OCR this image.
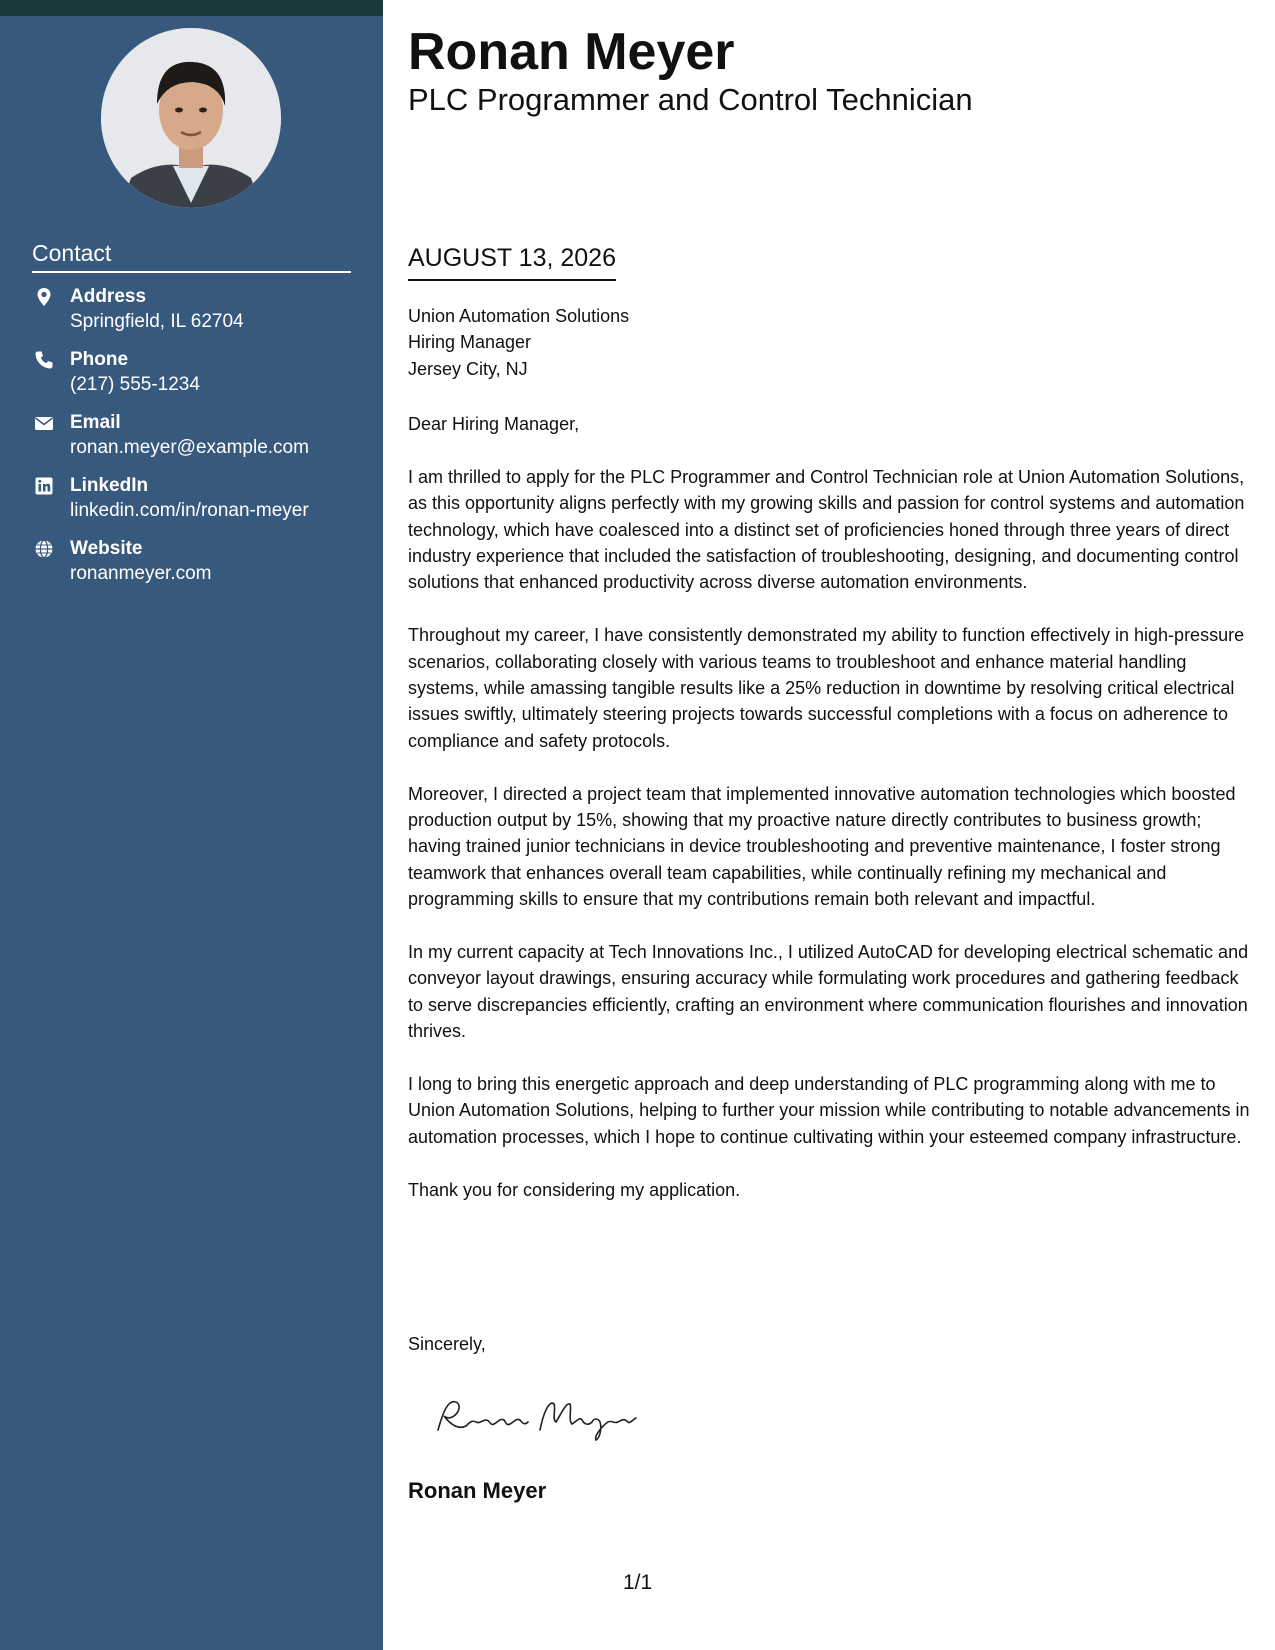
Contact
Address
Springfield, IL 62704
Phone
(217) 555-1234
Email
ronan.meyer@example.com
LinkedIn
linkedin.com/in/ronan-meyer
Website
ronanmeyer.com
Ronan Meyer
PLC Programmer and Control Technician
AUGUST 13, 2026
Union Automation Solutions
Hiring Manager
Jersey City, NJ

Dear Hiring Manager,

I am thrilled to apply for the PLC Programmer and Control Technician role at Union Automation Solutions, as this opportunity aligns perfectly with my growing skills and passion for control systems and automation technology, which have coalesced into a distinct set of proficiencies honed through three years of direct industry experience that included the satisfaction of troubleshooting, designing, and documenting control solutions that enhanced productivity across diverse automation environments.

Throughout my career, I have consistently demonstrated my ability to function effectively in high-pressure scenarios, collaborating closely with various teams to troubleshoot and enhance material handling systems, while amassing tangible results like a 25% reduction in downtime by resolving critical electrical issues swiftly, ultimately steering projects towards successful completions with a focus on adherence to compliance and safety protocols.

Moreover, I directed a project team that implemented innovative automation technologies which boosted production output by 15%, showing that my proactive nature directly contributes to business growth; having trained junior technicians in device troubleshooting and preventive maintenance, I foster strong teamwork that enhances overall team capabilities, while continually refining my mechanical and programming skills to ensure that my contributions remain both relevant and impactful.

In my current capacity at Tech Innovations Inc., I utilized AutoCAD for developing electrical schematic and conveyor layout drawings, ensuring accuracy while formulating work procedures and gathering feedback to serve discrepancies efficiently, crafting an environment where communication flourishes and innovation thrives.

I long to bring this energetic approach and deep understanding of PLC programming along with me to Union Automation Solutions, helping to further your mission while contributing to notable advancements in automation processes, which I hope to continue cultivating within your esteemed company infrastructure.

Thank you for considering my application.

Sincerely,
Ronan Meyer
1/1
